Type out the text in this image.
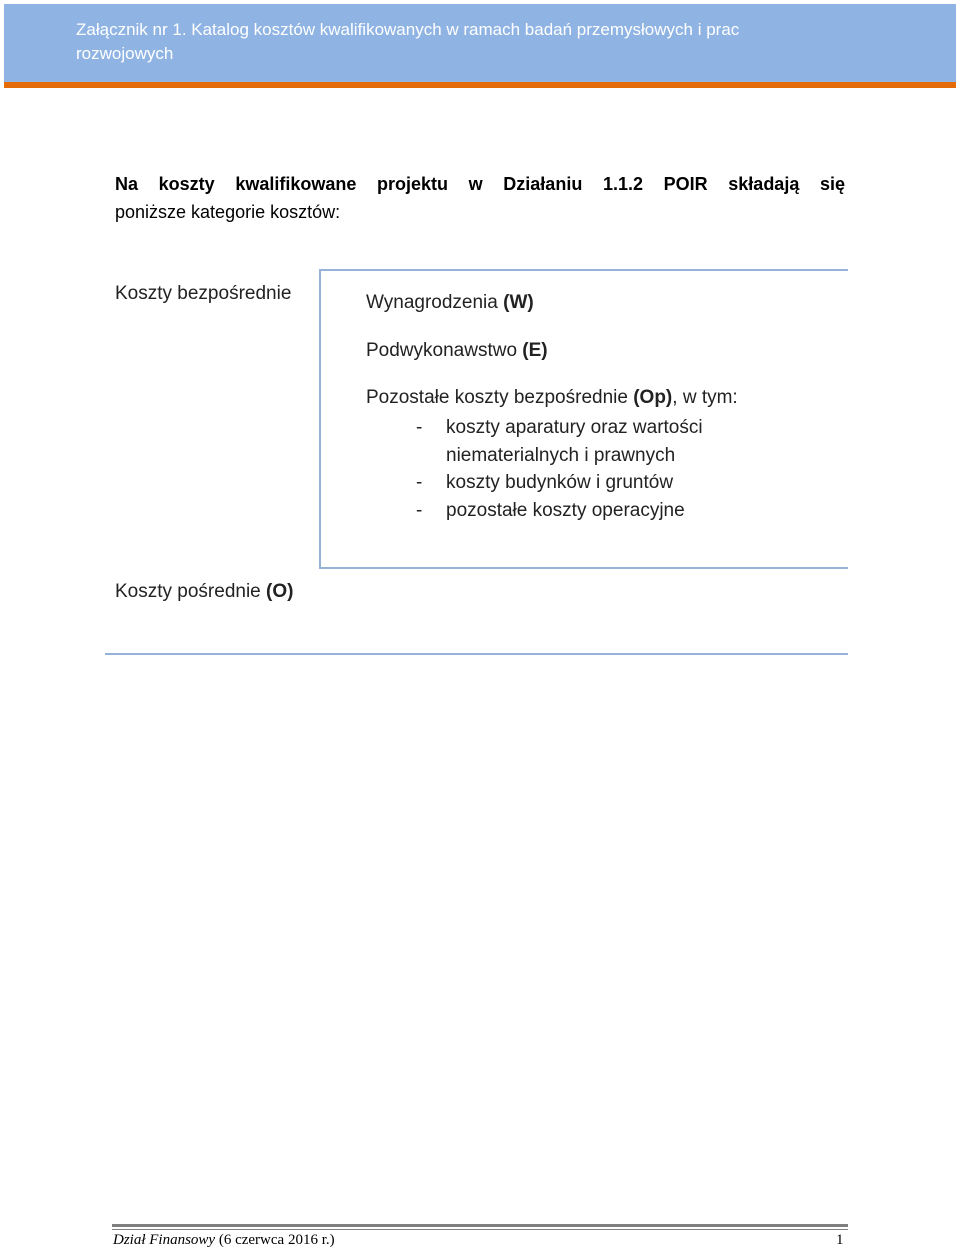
Załącznik nr 1. Katalog kosztów kwalifikowanych w ramach badań przemysłowych i prac rozwojowych
Na koszty kwalifikowane projektu w Działaniu 1.1.2 POIR składają się
poniższe kategorie kosztów:
Koszty bezpośrednie	Wynagrodzenia (W)
Podwykonawstwo (E)
Pozostałe koszty bezpośrednie (Op), w tym:
- koszty aparatury oraz wartości niematerialnych i prawnych
- koszty budynków i gruntów
- pozostałe koszty operacyjne
Koszty pośrednie (O)
Dział Finansowy (6 czerwca 2016 r.)	1
